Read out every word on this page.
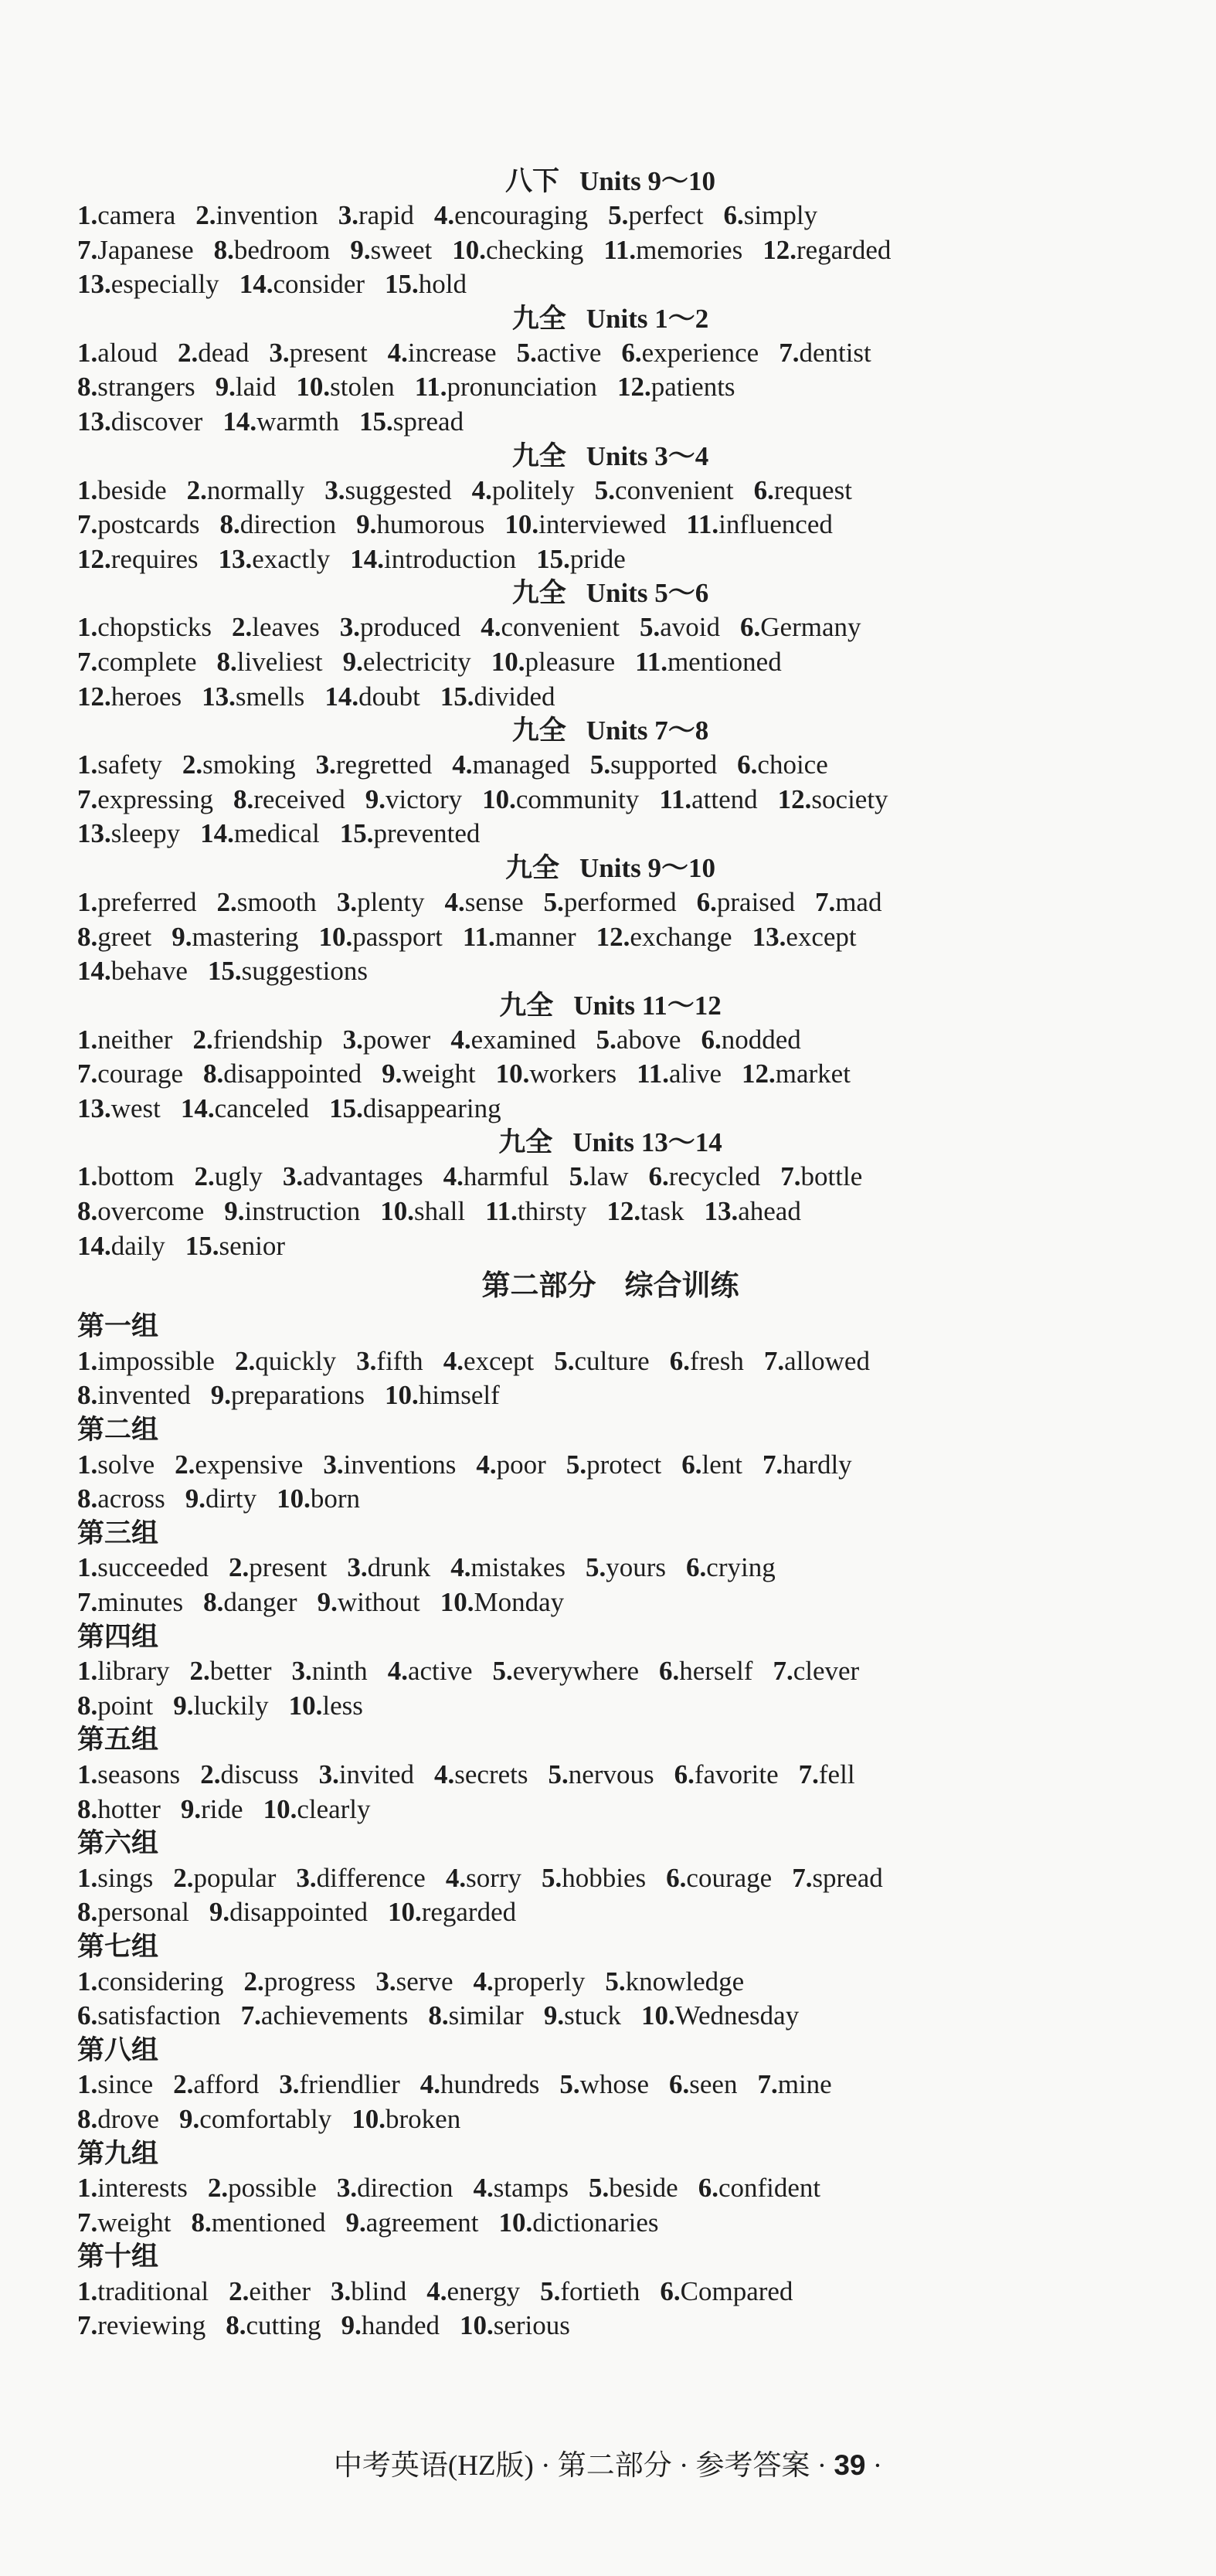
八下 Units 9～10
1.camera 2.invention 3.rapid 4.encouraging 5.perfect 6.simply
7.Japanese 8.bedroom 9.sweet 10.checking 11.memories 12.regarded
13.especially 14.consider 15.hold
九全 Units 1～2
1.aloud 2.dead 3.present 4.increase 5.active 6.experience 7.dentist
8.strangers 9.laid 10.stolen 11.pronunciation 12.patients
13.discover 14.warmth 15.spread
九全 Units 3～4
1.beside 2.normally 3.suggested 4.politely 5.convenient 6.request
7.postcards 8.direction 9.humorous 10.interviewed 11.influenced
12.requires 13.exactly 14.introduction 15.pride
九全 Units 5～6
1.chopsticks 2.leaves 3.produced 4.convenient 5.avoid 6.Germany
7.complete 8.liveliest 9.electricity 10.pleasure 11.mentioned
12.heroes 13.smells 14.doubt 15.divided
九全 Units 7～8
1.safety 2.smoking 3.regretted 4.managed 5.supported 6.choice
7.expressing 8.received 9.victory 10.community 11.attend 12.society
13.sleepy 14.medical 15.prevented
九全 Units 9～10
1.preferred 2.smooth 3.plenty 4.sense 5.performed 6.praised 7.mad
8.greet 9.mastering 10.passport 11.manner 12.exchange 13.except
14.behave 15.suggestions
九全 Units 11～12
1.neither 2.friendship 3.power 4.examined 5.above 6.nodded
7.courage 8.disappointed 9.weight 10.workers 11.alive 12.market
13.west 14.canceled 15.disappearing
九全 Units 13～14
1.bottom 2.ugly 3.advantages 4.harmful 5.law 6.recycled 7.bottle
8.overcome 9.instruction 10.shall 11.thirsty 12.task 13.ahead
14.daily 15.senior
第二部分　综合训练
第一组
1.impossible 2.quickly 3.fifth 4.except 5.culture 6.fresh 7.allowed
8.invented 9.preparations 10.himself
第二组
1.solve 2.expensive 3.inventions 4.poor 5.protect 6.lent 7.hardly
8.across 9.dirty 10.born
第三组
1.succeeded 2.present 3.drunk 4.mistakes 5.yours 6.crying
7.minutes 8.danger 9.without 10.Monday
第四组
1.library 2.better 3.ninth 4.active 5.everywhere 6.herself 7.clever
8.point 9.luckily 10.less
第五组
1.seasons 2.discuss 3.invited 4.secrets 5.nervous 6.favorite 7.fell
8.hotter 9.ride 10.clearly
第六组
1.sings 2.popular 3.difference 4.sorry 5.hobbies 6.courage 7.spread
8.personal 9.disappointed 10.regarded
第七组
1.considering 2.progress 3.serve 4.properly 5.knowledge
6.satisfaction 7.achievements 8.similar 9.stuck 10.Wednesday
第八组
1.since 2.afford 3.friendlier 4.hundreds 5.whose 6.seen 7.mine
8.drove 9.comfortably 10.broken
第九组
1.interests 2.possible 3.direction 4.stamps 5.beside 6.confident
7.weight 8.mentioned 9.agreement 10.dictionaries
第十组
1.traditional 2.either 3.blind 4.energy 5.fortieth 6.Compared
7.reviewing 8.cutting 9.handed 10.serious
中考英语(HZ版) · 第二部分 · 参考答案 · 39 ·
